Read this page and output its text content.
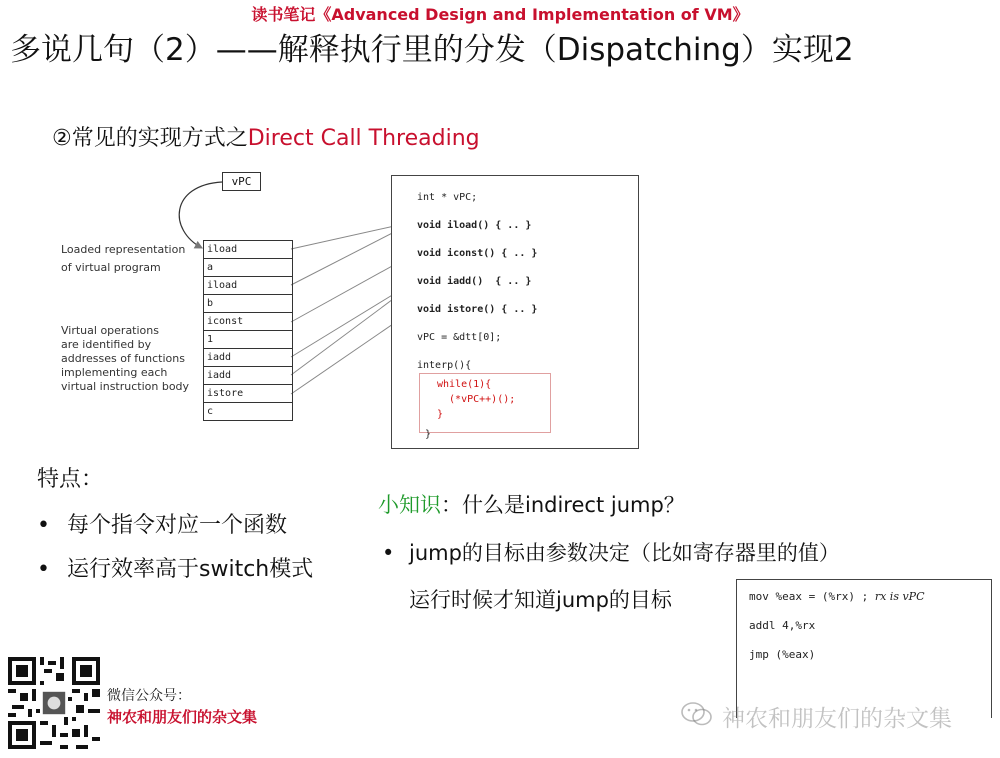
读书笔记《Advanced Design and Implementation of VM》
多说几句（2）——解释执行里的分发（Dispatching）实现2
②常见的实现方式之Direct Call Threading
vPC
Loaded representation
of virtual program
Virtual operations
are identified by
addresses of functions
implementing each
virtual instruction body
iload
a
iload
b
iconst
1
iadd
iadd
istore
c
int * vPC;
void iload() { .. }
void iconst() { .. }
void iadd()  { .. }
void istore() { .. }
vPC = &dtt[0];
interp(){
while(1){
(*vPC++)();
}
}
特点：
• 每个指令对应一个函数
• 运行效率高于switch模式
小知识：什么是indirect jump？
• jump的目标由参数决定（比如寄存器里的值）
运行时候才知道jump的目标	mov %eax = (%rx) ; rx is vPC
addl 4,%rx
jmp (%eax)
微信公众号：
神农和朋友们的杂文集	神农和朋友们的杂文集
